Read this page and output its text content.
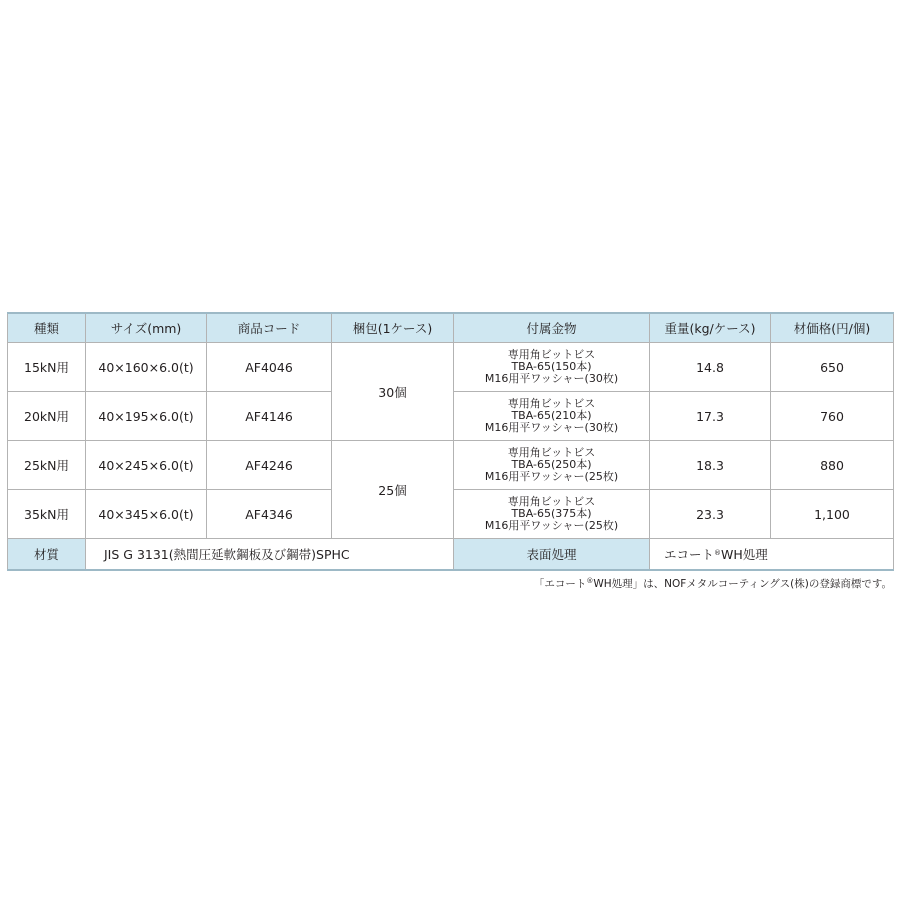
種類	サイズ(mm)	商品コード	梱包(1ケース)	付属金物	重量(kg/ケース)	材価格(円/個)
15kN用	40×160×6.0(t)	AF4046	30個	専用角ビットビス
TBA-65(150本)
M16用平ワッシャー(30枚)	14.8	650
20kN用	40×195×6.0(t)	AF4146		専用角ビットビス
TBA-65(210本)
M16用平ワッシャー(30枚)	17.3	760
25kN用	40×245×6.0(t)	AF4246	25個	専用角ビットビス
TBA-65(250本)
M16用平ワッシャー(25枚)	18.3	880
35kN用	40×345×6.0(t)	AF4346		専用角ビットビス
TBA-65(375本)
M16用平ワッシャー(25枚)	23.3	1,100
材質	JIS G 3131(熱間圧延軟鋼板及び鋼帯)SPHC			表面処理	エコート®WH処理	
「エコート®WH処理」は、NOFメタルコーティングス(株)の登録商標です。
